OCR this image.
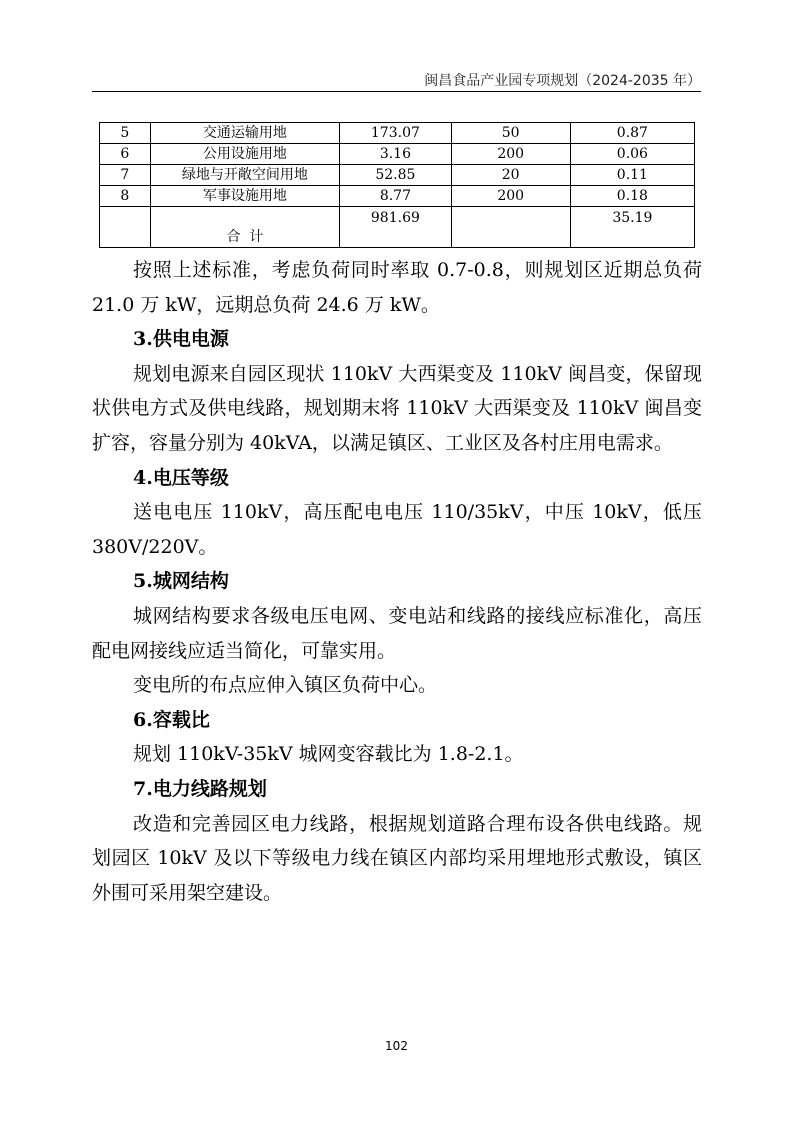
闽昌食品产业园专项规划（2024-2035 年）
5	交通运输用地	173.07	50	0.87
6	公用设施用地	3.16	200	0.06
7	绿地与开敞空间用地	52.85	20	0.11
8	军事设施用地	8.77	200	0.18
	合  计	981.69		35.19

按照上述标准，考虑负荷同时率取 0.7-0.8，则规划区近期总负荷 21.0 万 kW，远期总负荷 24.6 万 kW。

3.供电电源

规划电源来自园区现状 110kV 大西渠变及 110kV 闽昌变，保留现状供电方式及供电线路，规划期末将 110kV 大西渠变及 110kV 闽昌变扩容，容量分别为 40kVA，以满足镇区、工业区及各村庄用电需求。

4.电压等级

送电电压 110kV，高压配电电压 110/35kV，中压 10kV，低压 380V/220V。

5.城网结构

城网结构要求各级电压电网、变电站和线路的接线应标准化，高压配电网接线应适当简化，可靠实用。

变电所的布点应伸入镇区负荷中心。

6.容载比

规划 110kV-35kV 城网变容载比为 1.8-2.1。

7.电力线路规划

改造和完善园区电力线路，根据规划道路合理布设各供电线路。规划园区 10kV 及以下等级电力线在镇区内部均采用埋地形式敷设，镇区外围可采用架空建设。

102
